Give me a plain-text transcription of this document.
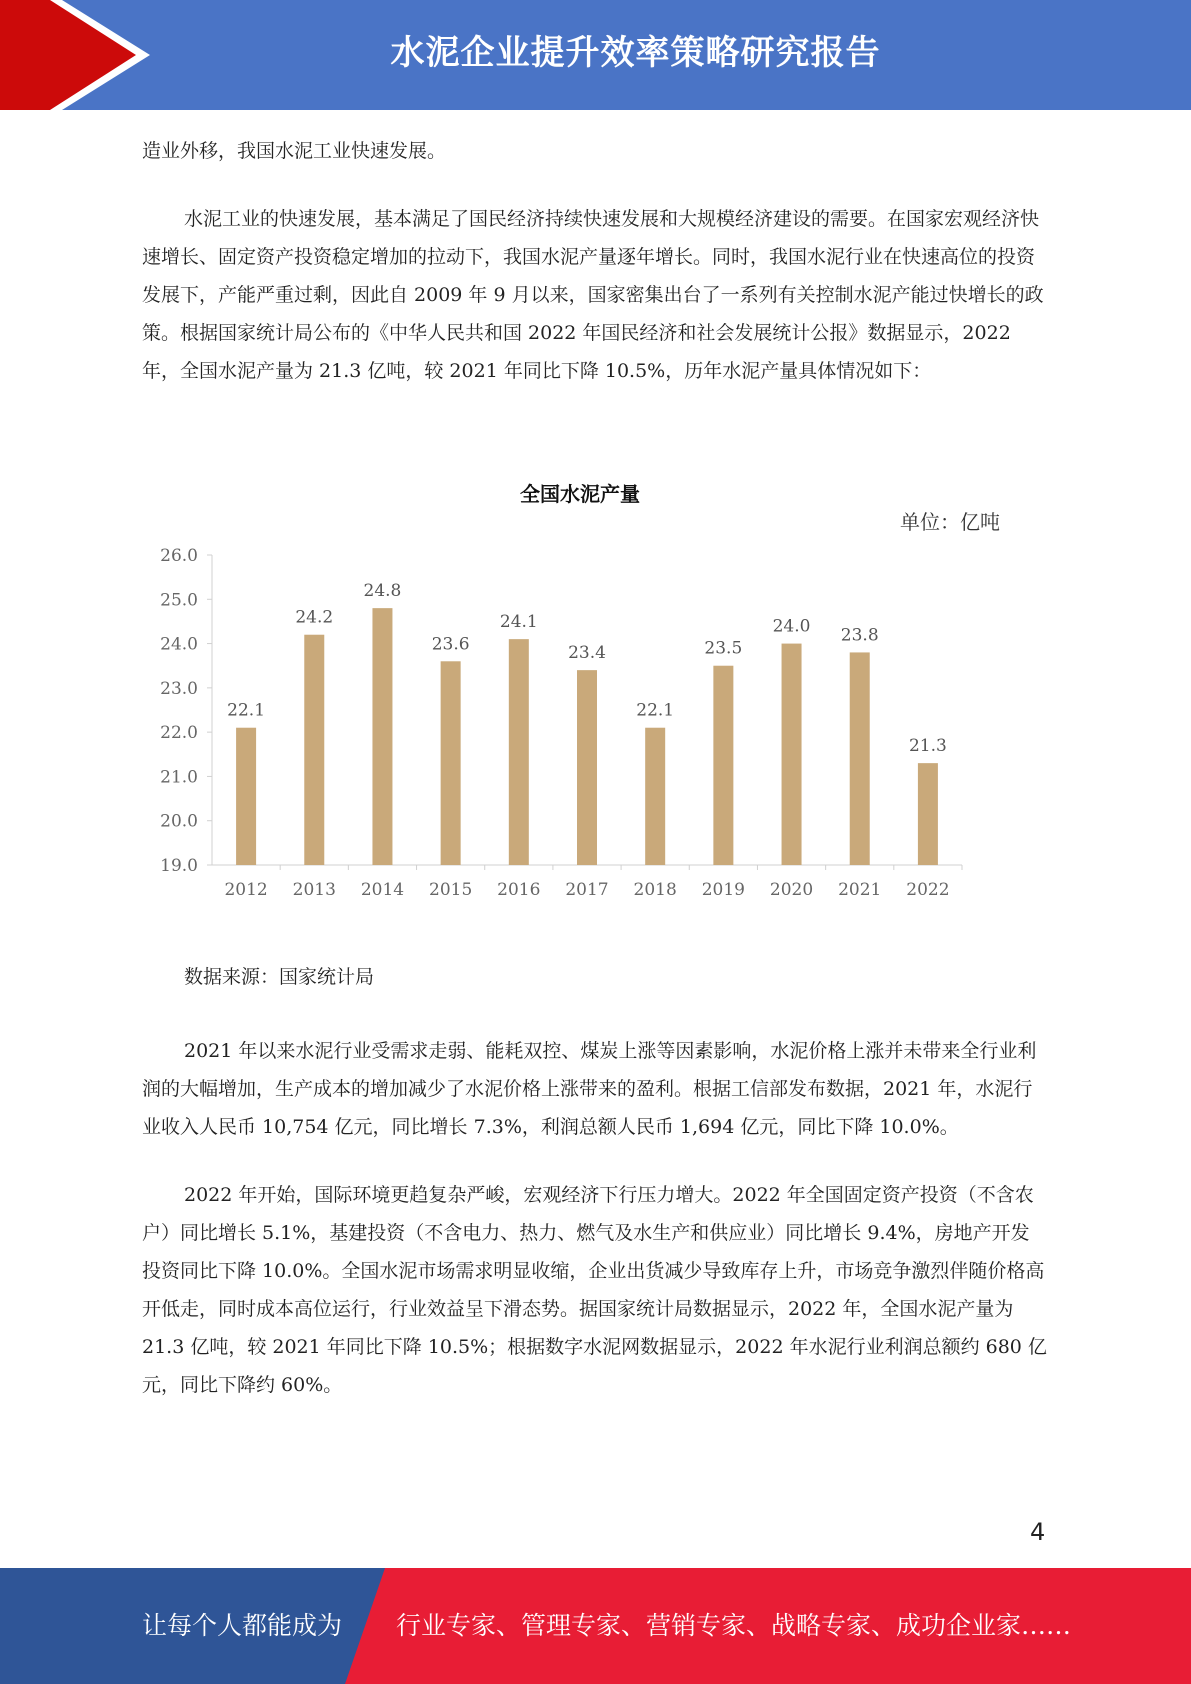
水泥企业提升效率策略研究报告

造业外移，我国水泥工业快速发展。

水泥工业的快速发展，基本满足了国民经济持续快速发展和大规模经济建设的需要。在国家宏观经济快速增长、固定资产投资稳定增加的拉动下，我国水泥产量逐年增长。同时，我国水泥行业在快速高位的投资发展下，产能严重过剩，因此自 2009 年 9 月以来，国家密集出台了一系列有关控制水泥产能过快增长的政策。根据国家统计局公布的《中华人民共和国 2022 年国民经济和社会发展统计公报》数据显示，2022 年，全国水泥产量为 21.3 亿吨，较 2021 年同比下降 10.5%，历年水泥产量具体情况如下：

全国水泥产量
单位：亿吨
19.0
20.0
21.0
22.0
23.0
24.0
25.0
26.0
22.1
2012
24.2
2013
24.8
2014
23.6
2015
24.1
2016
23.4
2017
22.1
2018
23.5
2019
24.0
2020
23.8
2021
21.3
2022
数据来源：国家统计局

2021 年以来水泥行业受需求走弱、能耗双控、煤炭上涨等因素影响，水泥价格上涨并未带来全行业利润的大幅增加，生产成本的增加减少了水泥价格上涨带来的盈利。根据工信部发布数据，2021 年，水泥行业收入人民币 10,754 亿元，同比增长 7.3%，利润总额人民币 1,694 亿元，同比下降 10.0%。

2022 年开始，国际环境更趋复杂严峻，宏观经济下行压力增大。2022 年全国固定资产投资（不含农户）同比增长 5.1%，基建投资（不含电力、热力、燃气及水生产和供应业）同比增长 9.4%，房地产开发投资同比下降 10.0%。全国水泥市场需求明显收缩，企业出货减少导致库存上升，市场竞争激烈伴随价格高开低走，同时成本高位运行，行业效益呈下滑态势。据国家统计局数据显示，2022 年，全国水泥产量为 21.3 亿吨，较 2021 年同比下降 10.5%；根据数字水泥网数据显示，2022 年水泥行业利润总额约 680 亿元，同比下降约 60%。

4
让每个人都能成为 行业专家、管理专家、营销专家、战略专家、成功企业家……
